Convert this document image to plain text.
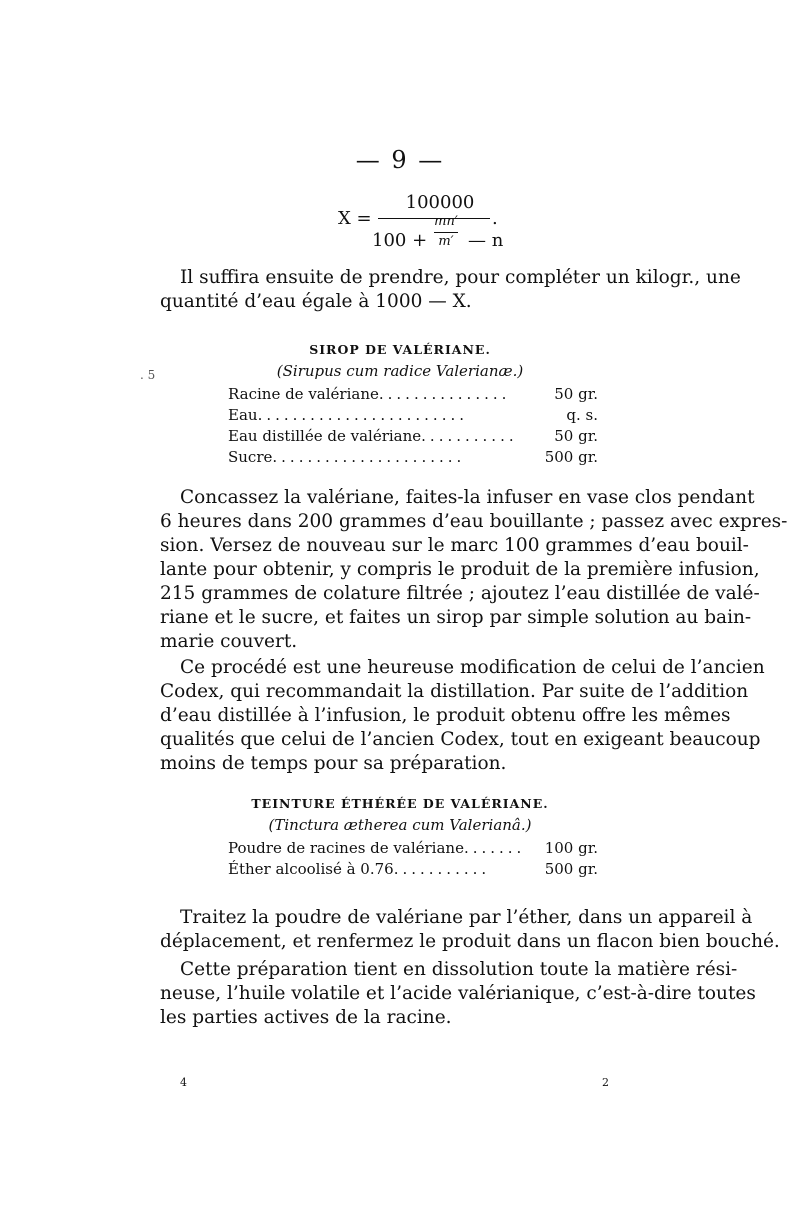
— 9 —
X =
100000
.
100 +
mn′
m′ — n
Il suffira ensuite de prendre, pour compléter un kilogr., une
quantité d’eau égale à 1000 — X.
SIROP DE VALÉRIANE.
(Sirupus cum radice Valerianæ.)
. 5
Racine de valériane ...............	50 gr.
Eau ........................	q. s.
Eau distillée de valériane ...........	50 gr.
Sucre ......................	500 gr.
Concassez la valériane, faites-la infuser en vase clos pendant
6 heures dans 200 grammes d’eau bouillante ; passez avec expres-
sion. Versez de nouveau sur le marc 100 grammes d’eau bouil-
lante pour obtenir, y compris le produit de la première infusion,
215 grammes de colature filtrée ; ajoutez l’eau distillée de valé-
riane et le sucre, et faites un sirop par simple solution au bain-
marie couvert.
Ce procédé est une heureuse modification de celui de l’ancien
Codex, qui recommandait la distillation. Par suite de l’addition
d’eau distillée à l’infusion, le produit obtenu offre les mêmes
qualités que celui de l’ancien Codex, tout en exigeant beaucoup
moins de temps pour sa préparation.
TEINTURE ÉTHÉRÉE DE VALÉRIANE.
(Tinctura ætherea cum Valerianâ.)
Poudre de racines de valériane .......	100 gr.
Éther alcoolisé à 0.76 ...........	500 gr.
Traitez la poudre de valériane par l’éther, dans un appareil à
déplacement, et renfermez le produit dans un flacon bien bouché.
Cette préparation tient en dissolution toute la matière rési-
neuse, l’huile volatile et l’acide valérianique, c’est-à-dire toutes
les parties actives de la racine.
4	2
